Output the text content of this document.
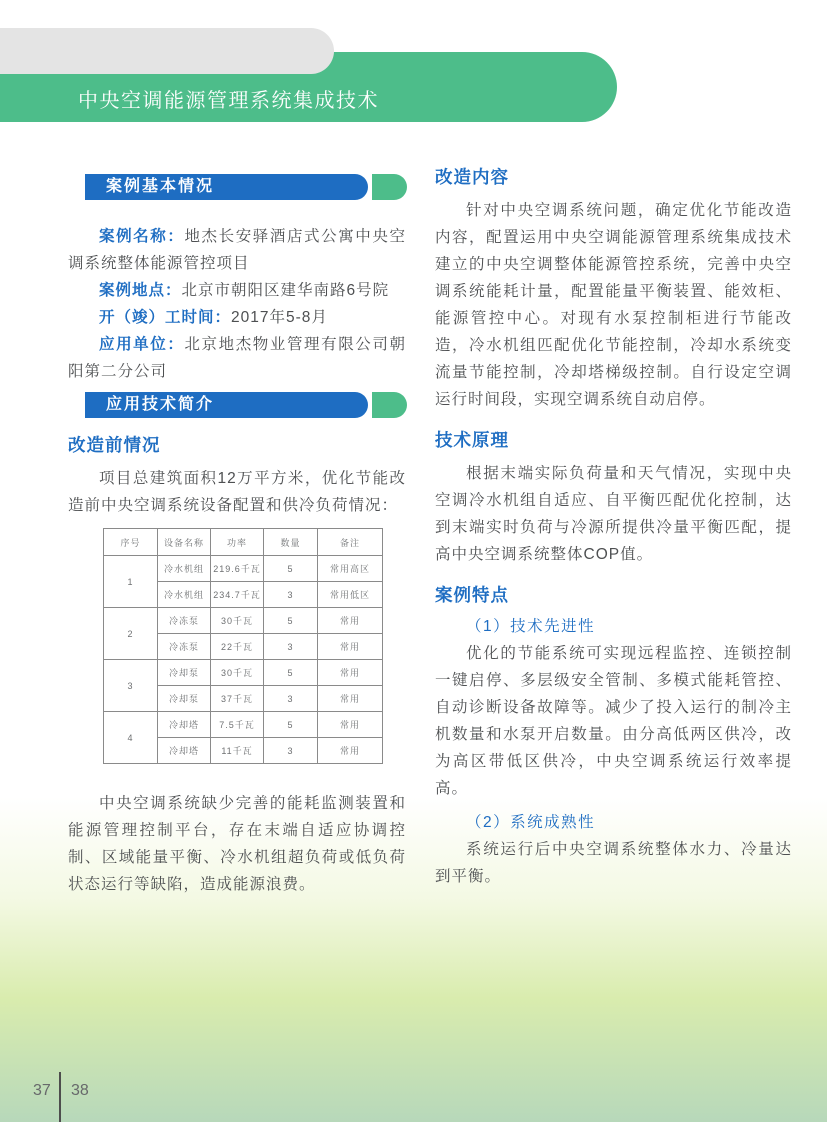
中央空调能源管理系统集成技术
案例基本情况

案例名称：地杰长安驿酒店式公寓中央空调系统整体能源管控项目

案例地点：北京市朝阳区建华南路6号院

开（竣）工时间：2017年5-8月

应用单位：北京地杰物业管理有限公司朝阳第二分公司

应用技术简介
改造前情况

项目总建筑面积12万平方米，优化节能改造前中央空调系统设备配置和供冷负荷情况：

序号	设备名称	功率	数量	备注
1	冷水机组	219.6千瓦	5	常用高区
	冷水机组	234.7千瓦	3	常用低区
2	冷冻泵	30千瓦	5	常用
	冷冻泵	22千瓦	3	常用
3	冷却泵	30千瓦	5	常用
	冷却泵	37千瓦	3	常用
4	冷却塔	7.5千瓦	5	常用
	冷却塔	11千瓦	3	常用

中央空调系统缺少完善的能耗监测装置和能源管理控制平台，存在末端自适应协调控制、区域能量平衡、冷水机组超负荷或低负荷状态运行等缺陷，造成能源浪费。

改造内容

针对中央空调系统问题，确定优化节能改造内容，配置运用中央空调能源管理系统集成技术建立的中央空调整体能源管控系统，完善中央空调系统能耗计量，配置能量平衡装置、能效柜、能源管控中心。对现有水泵控制柜进行节能改造，冷水机组匹配优化节能控制，冷却水系统变流量节能控制，冷却塔梯级控制。自行设定空调运行时间段，实现空调系统自动启停。

技术原理

根据末端实际负荷量和天气情况，实现中央空调冷水机组自适应、自平衡匹配优化控制，达到末端实时负荷与冷源所提供冷量平衡匹配，提高中央空调系统整体COP值。

案例特点

（1）技术先进性

优化的节能系统可实现远程监控、连锁控制一键启停、多层级安全管制、多模式能耗管控、自动诊断设备故障等。减少了投入运行的制冷主机数量和水泵开启数量。由分高低两区供冷，改为高区带低区供冷，中央空调系统运行效率提高。

（2）系统成熟性

系统运行后中央空调系统整体水力、冷量达到平衡。

37 38
